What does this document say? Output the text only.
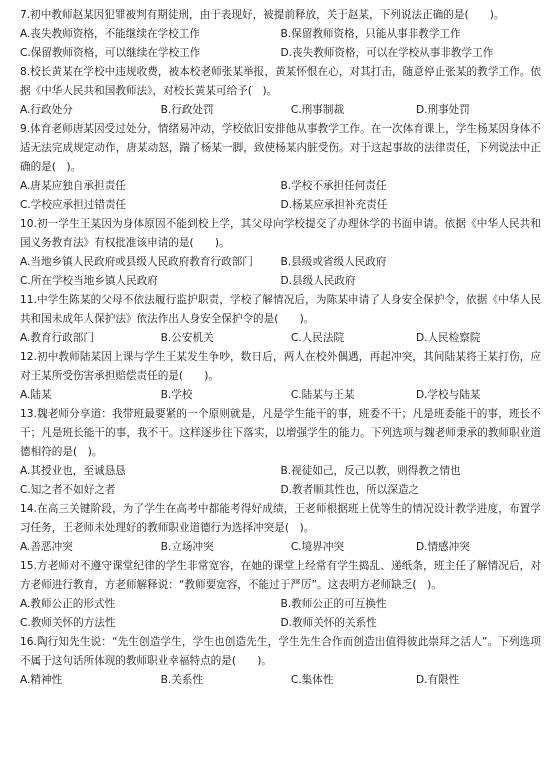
7.初中教师赵某因犯罪被判有期徒刑，由于表现好，被提前释放，关于赵某，下列说法正确的是(　　)。

A.丧失教师资格，不能继续在学校工作	B.保留教师资格，只能从事非教学工作
C.保留教师资格，可以继续在学校工作	D.丧失教师资格，可以在学校从事非教学工作

8.校长黄某在学校中违规收费，被本校老师张某举报，黄某怀恨在心，对其打击，随意停止张某的教学工作。依据《中华人民共和国教师法》，对校长黄某可给予(　)。

A.行政处分	B.行政处罚	C.刑事制裁	D.刑事处罚

9.体育老师唐某因受过处分，情绪易冲动，学校依旧安排他从事教学工作。在一次体育课上，学生杨某因身体不适无法完成规定动作，唐某动怒，踹了杨某一脚，致使杨某内脏受伤。对于这起事故的法律责任，下列说法中正确的是(　)。

A.唐某应独自承担责任	B.学校不承担任何责任
C.学校应承担过错责任	D.杨某应承担补充责任

10.初一学生王某因为身体原因不能到校上学，其父母向学校提交了办理休学的书面申请。依据《中华人民共和国义务教育法》有权批准该申请的是(　　)。

A.当地乡镇人民政府或县级人民政府教育行政部门	B.县级或省级人民政府
C.所在学校当地乡镇人民政府	D.县级人民政府

11.中学生陈某的父母不依法履行监护职责，学校了解情况后，为陈某申请了人身安全保护令，依据《中华人民共和国未成年人保护法》依法作出人身安全保护令的是(　　)。

A.教育行政部门	B.公安机关	C.人民法院	D.人民检察院

12.初中教师陆某因上课与学生王某发生争吵，数日后，两人在校外偶遇，再起冲突，其间陆某将王某打伤，应对王某所受伤害承担赔偿责任的是(　　)。

A.陆某	B.学校	C.陆某与王某	D.学校与陆某

13.魏老师分享道：我带班最要紧的一个原则就是，凡是学生能干的事，班委不干；凡是班委能干的事，班长不干；凡是班长能干的事，我不干。这样逐步往下落实，以增强学生的能力。下列选项与魏老师秉承的教师职业道德相符的是(　)。

A.其授业也，至诚恳恳	B.视徒如己，反己以教，则得教之情也
C.知之者不如好之者	D.教者顺其性也，所以深造之

14.在高三关键阶段，为了学生在高考中都能考得好成绩，王老师根据班上优等生的情况设计教学进度，布置学习任务，王老师未处理好的教师职业道德行为选择冲突是(　)。

A.善恶冲突	B.立场冲突	C.境界冲突	D.情感冲突

15.方老师对不遵守课堂纪律的学生非常宽容，在她的课堂上经常有学生捣乱、递纸条，班主任了解情况后，对方老师进行教育，方老师解释说：“教师要宽容，不能过于严厉”。这表明方老师缺乏(　)。

A.教师公正的形式性	B.教师公正的可互换性
C.教师关怀的方法性	D.教师关怀的关系性

16.陶行知先生说：“先生创造学生，学生也创造先生，学生先生合作而创造出值得彼此崇拜之活人”。下列选项不属于这句话所体现的教师职业幸福特点的是(　　)。

A.精神性	B.关系性	C.集体性	D.有限性
